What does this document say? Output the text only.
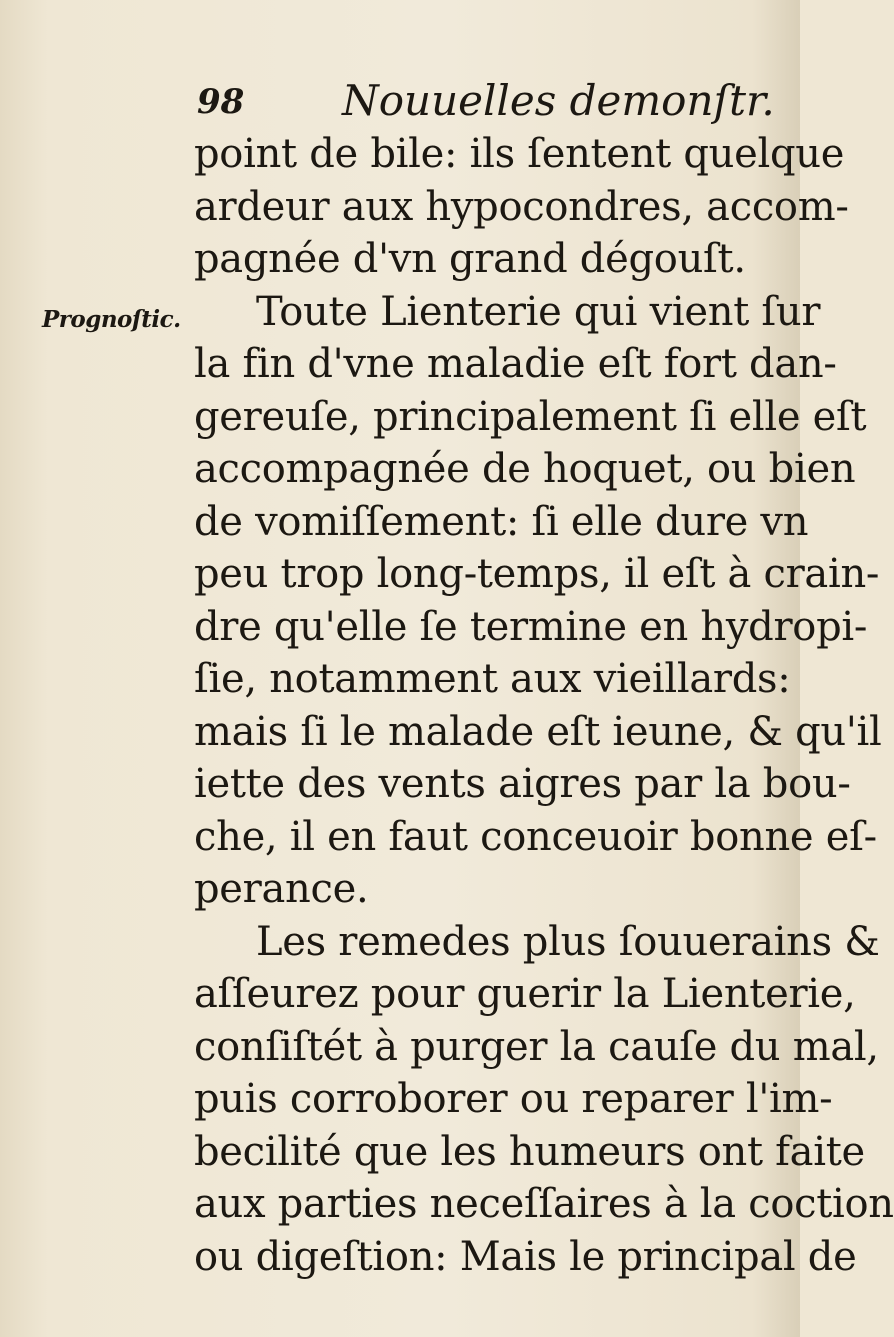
98 Nouuelles demonſtr.
Prognoſtic.
point de bile: ils ſentent quelque
ardeur aux hypocondres, accom-
pagnée d'vn grand dégouſt.
Toute Lienterie qui vient ſur
la fin d'vne maladie eſt fort dan-
gereuſe, principalement ſi elle eſt
accompagnée de hoquet, ou bien
de vomiſſement: ſi elle dure vn
peu trop long-temps, il eſt à crain-
dre qu'elle ſe termine en hydropi-
ſie, notamment aux vieillards:
mais ſi le malade eſt ieune, & qu'il
iette des vents aigres par la bou-
che, il en faut conceuoir bonne eſ-
perance.
Les remedes plus ſouuerains &
aſſeurez pour guerir la Lienterie,
conſiſtét à purger la cauſe du mal,
puis corroborer ou reparer l'im-
becilité que les humeurs ont faite
aux parties neceſſaires à la coction
ou digeſtion: Mais le principal de
